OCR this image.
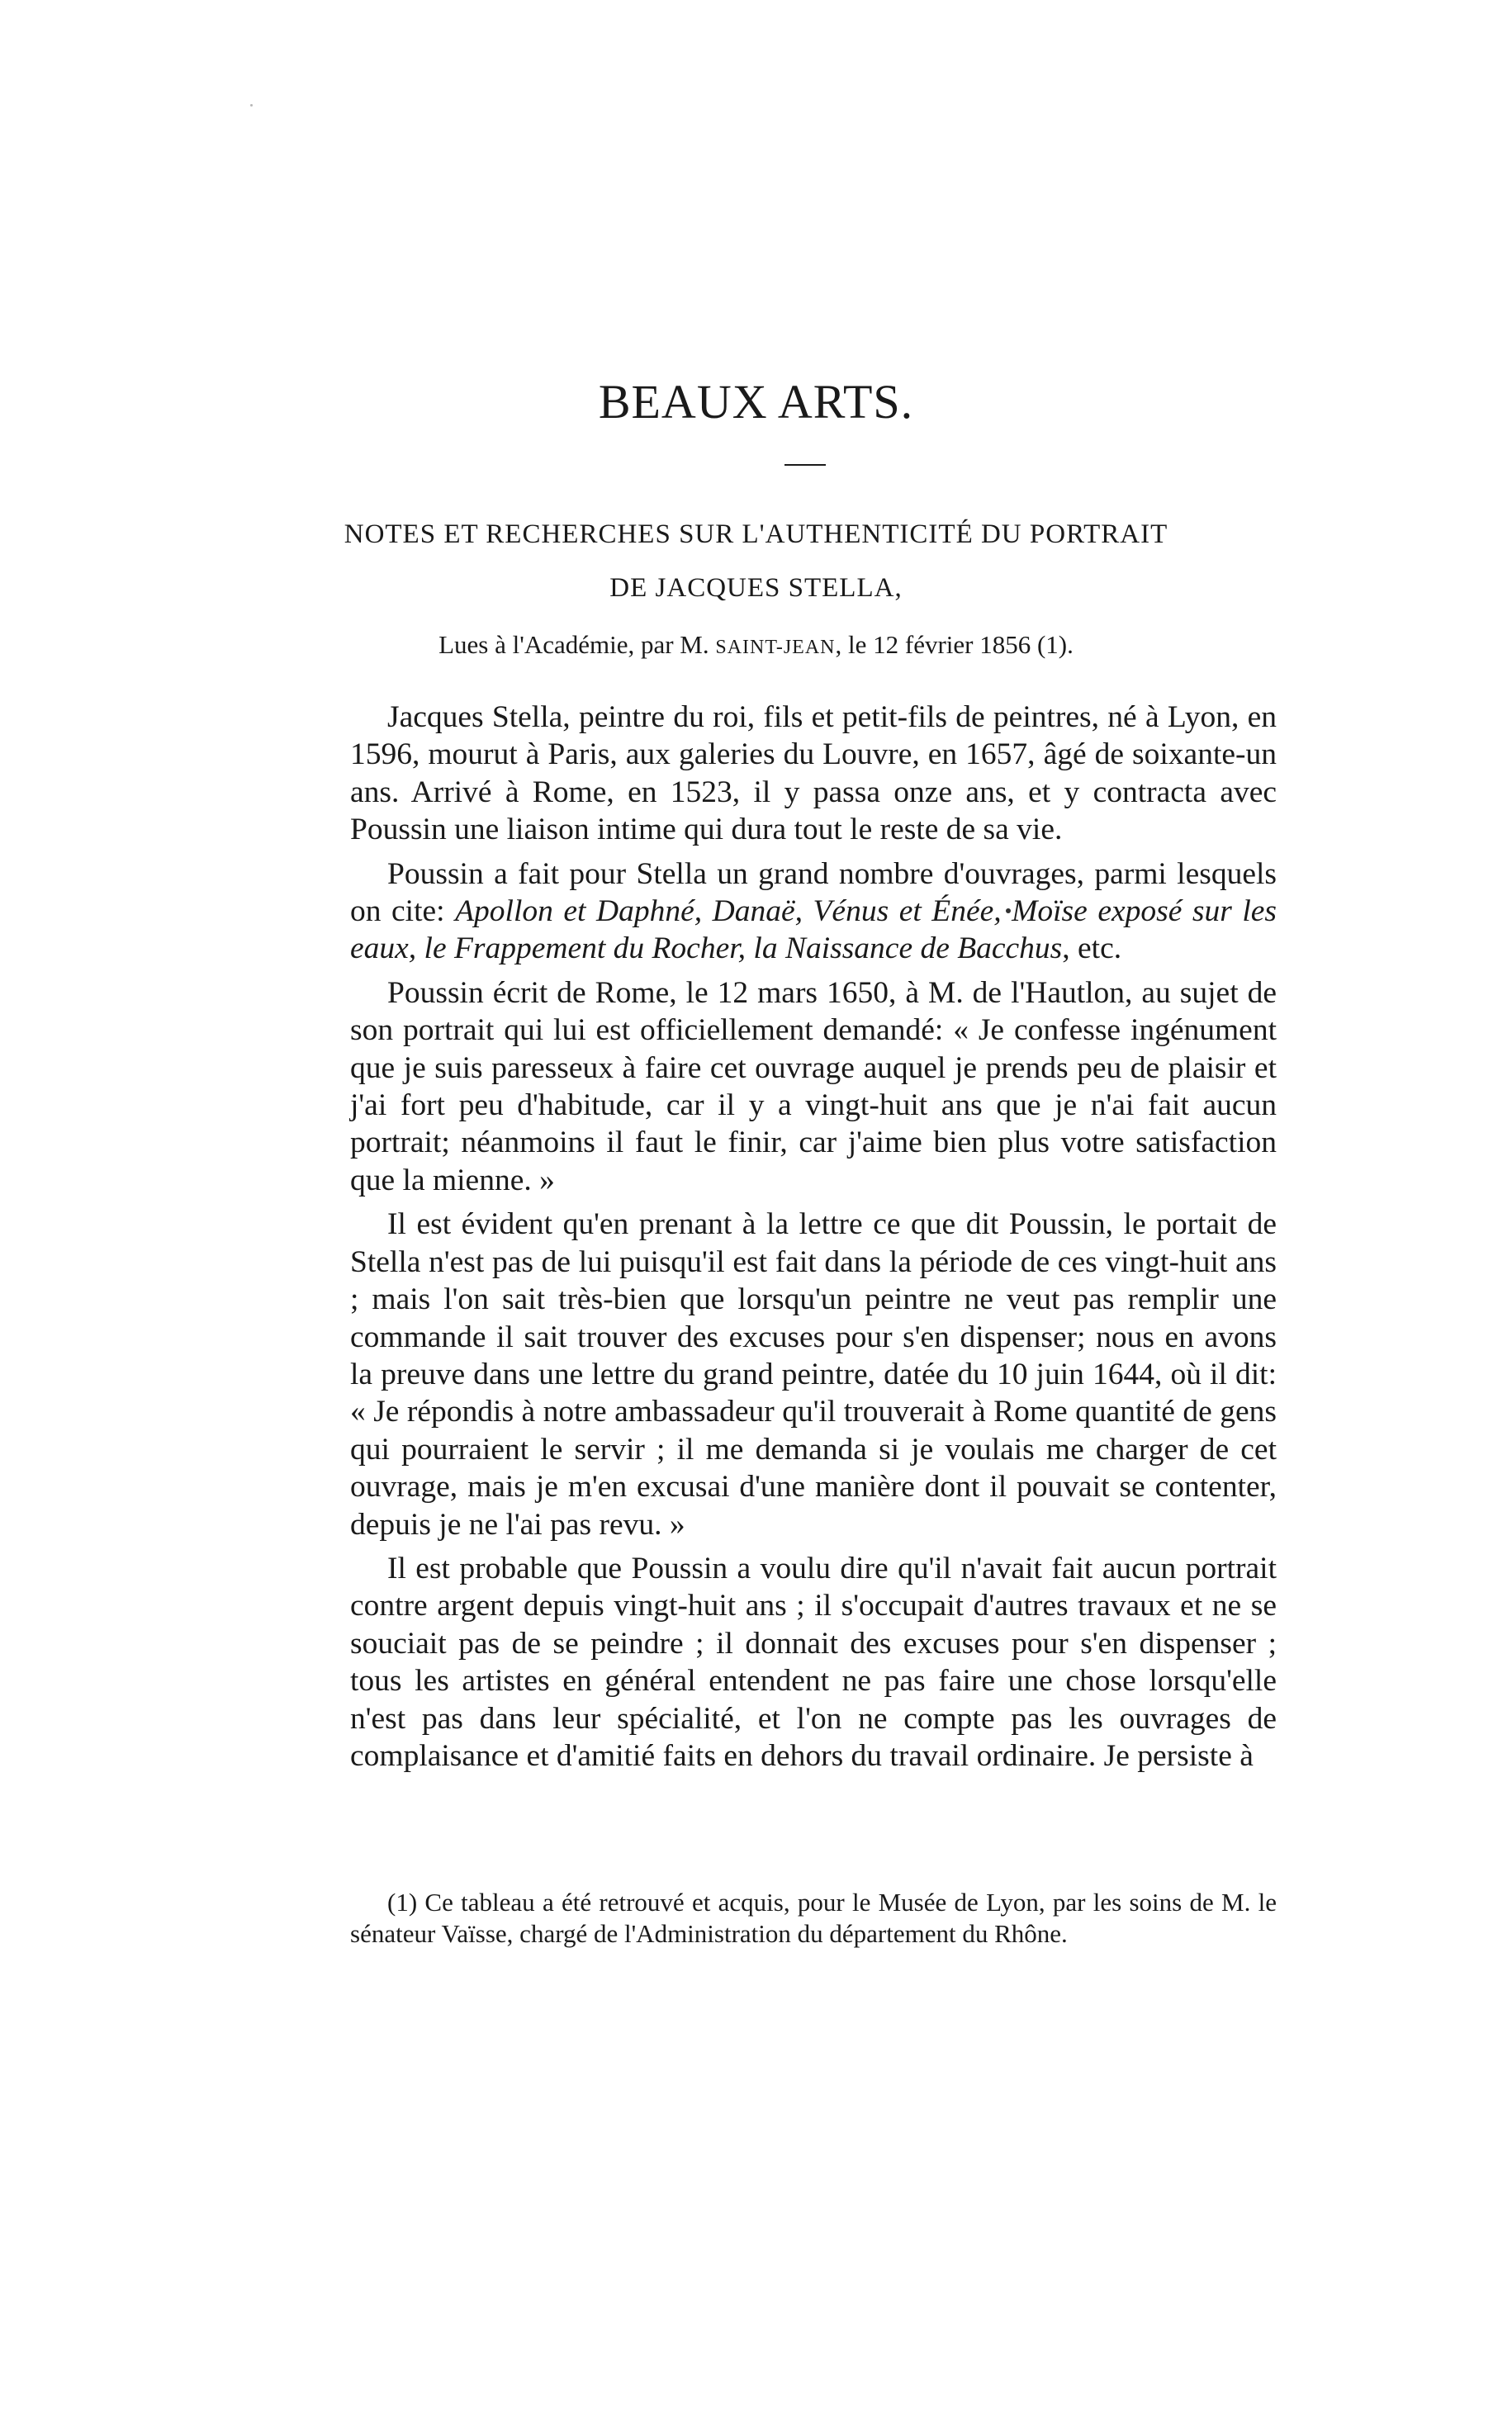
BEAUX ARTS.
NOTES ET RECHERCHES SUR L'AUTHENTICITÉ DU PORTRAIT
DE JACQUES STELLA,
Lues à l'Académie, par M. SAINT-JEAN, le 12 février 1856 (1).

Jacques Stella, peintre du roi, fils et petit-fils de peintres, né à Lyon, en 1596, mourut à Paris, aux galeries du Louvre, en 1657, âgé de soixante-un ans. Arrivé à Rome, en 1523, il y passa onze ans, et y contracta avec Poussin une liaison intime qui dura tout le reste de sa vie.

Poussin a fait pour Stella un grand nombre d'ouvrages, parmi lesquels on cite: Apollon et Daphné, Danaë, Vénus et Énée, Moïse exposé sur les eaux, le Frappement du Rocher, la Naissance de Bacchus, etc.

Poussin écrit de Rome, le 12 mars 1650, à M. de l'Hautlon, au sujet de son portrait qui lui est officiellement demandé: « Je confesse ingénument que je suis paresseux à faire cet ouvrage auquel je prends peu de plaisir et j'ai fort peu d'habitude, car il y a vingt-huit ans que je n'ai fait aucun portrait; néanmoins il faut le finir, car j'aime bien plus votre satisfaction que la mienne. »

Il est évident qu'en prenant à la lettre ce que dit Poussin, le portait de Stella n'est pas de lui puisqu'il est fait dans la période de ces vingt-huit ans ; mais l'on sait très-bien que lorsqu'un peintre ne veut pas remplir une commande il sait trouver des excuses pour s'en dispenser; nous en avons la preuve dans une lettre du grand peintre, datée du 10 juin 1644, où il dit: « Je répondis à notre ambassadeur qu'il trouverait à Rome quantité de gens qui pourraient le servir ; il me demanda si je voulais me charger de cet ouvrage, mais je m'en excusai d'une manière dont il pouvait se contenter, depuis je ne l'ai pas revu. »

Il est probable que Poussin a voulu dire qu'il n'avait fait aucun portrait contre argent depuis vingt-huit ans ; il s'occupait d'autres travaux et ne se souciait pas de se peindre ; il donnait des excuses pour s'en dispenser ; tous les artistes en général entendent ne pas faire une chose lorsqu'elle n'est pas dans leur spécialité, et l'on ne compte pas les ouvrages de complaisance et d'amitié faits en dehors du travail ordinaire. Je persiste à

(1) Ce tableau a été retrouvé et acquis, pour le Musée de Lyon, par les soins de M. le sénateur Vaïsse, chargé de l'Administration du département du Rhône.
